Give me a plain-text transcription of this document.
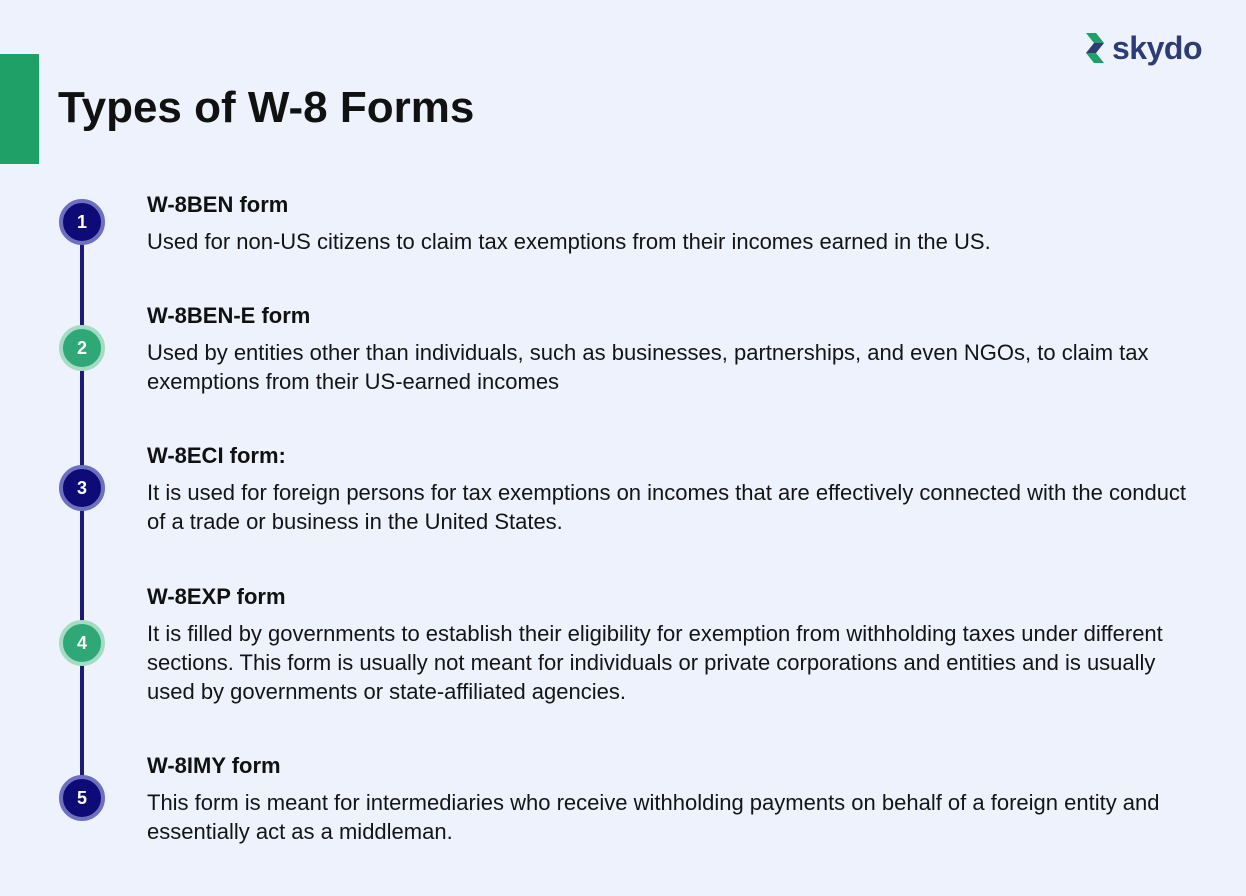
Types of W-8 Forms
skydo
1
2
3
4
5

W-8BEN form

Used for non-US citizens to claim tax exemptions from their incomes earned in the US.

W-8BEN-E form

Used by entities other than individuals, such as businesses, partnerships, and even NGOs, to claim tax exemptions from their US-earned incomes

W-8ECI form:

It is used for foreign persons for tax exemptions on incomes that are effectively connected with the conduct of a trade or business in the United States.

W-8EXP form

It is filled by governments to establish their eligibility for exemption from withholding taxes under different sections. This form is usually not meant for individuals or private corporations and entities and is usually used by governments or state-affiliated agencies.

W-8IMY form

This form is meant for intermediaries who receive withholding payments on behalf of a foreign entity and essentially act as a middleman.
